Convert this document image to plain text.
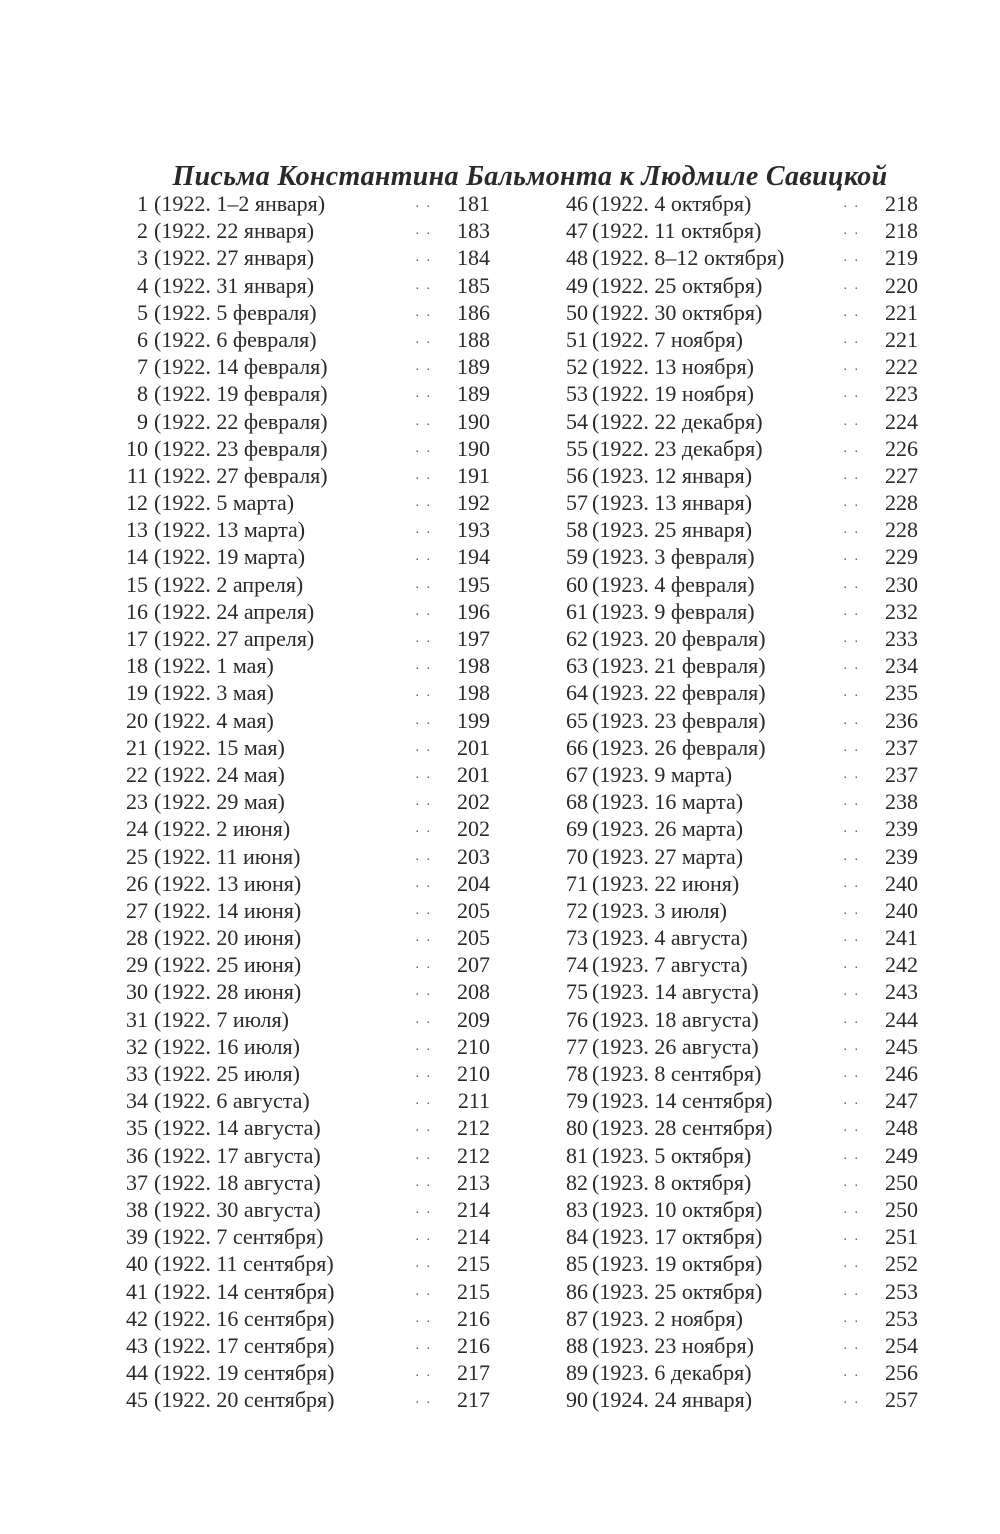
Письма Константина Бальмонта к Людмиле Савицкой
1 (1922. 1–2 января)	. . 181
2 (1922. 22 января)	. . 183
3 (1922. 27 января)	. . 184
4 (1922. 31 января)	. . 185
5 (1922. 5 февраля)	. . 186
6 (1922. 6 февраля)	. . 188
7 (1922. 14 февраля)	. . 189
8 (1922. 19 февраля)	. . 189
9 (1922. 22 февраля)	. . 190
10 (1922. 23 февраля)	. . 190
11 (1922. 27 февраля)	. . 191
12 (1922. 5 марта)	. . 192
13 (1922. 13 марта)	. . 193
14 (1922. 19 марта)	. . 194
15 (1922. 2 апреля)	. . 195
16 (1922. 24 апреля)	. . 196
17 (1922. 27 апреля)	. . 197
18 (1922. 1 мая)	. . 198
19 (1922. 3 мая)	. . 198
20 (1922. 4 мая)	. . 199
21 (1922. 15 мая)	. . 201
22 (1922. 24 мая)	. . 201
23 (1922. 29 мая)	. . 202
24 (1922. 2 июня)	. . 202
25 (1922. 11 июня)	. . 203
26 (1922. 13 июня)	. . 204
27 (1922. 14 июня)	. . 205
28 (1922. 20 июня)	. . 205
29 (1922. 25 июня)	. . 207
30 (1922. 28 июня)	. . 208
31 (1922. 7 июля)	. . 209
32 (1922. 16 июля)	. . 210
33 (1922. 25 июля)	. . 210
34 (1922. 6 августа)	. . 211
35 (1922. 14 августа)	. . 212
36 (1922. 17 августа)	. . 212
37 (1922. 18 августа)	. . 213
38 (1922. 30 августа)	. . 214
39 (1922. 7 сентября)	. . 214
40 (1922. 11 сентября)	. . 215
41 (1922. 14 сентября)	. . 215
42 (1922. 16 сентября)	. . 216
43 (1922. 17 сентября)	. . 216
44 (1922. 19 сентября)	. . 217
45 (1922. 20 сентября)	. . 217
46 (1922. 4 октября)	. . 218
47 (1922. 11 октября)	. . 218
48 (1922. 8–12 октября)	. . 219
49 (1922. 25 октября)	. . 220
50 (1922. 30 октября)	. . 221
51 (1922. 7 ноября)	. . 221
52 (1922. 13 ноября)	. . 222
53 (1922. 19 ноября)	. . 223
54 (1922. 22 декабря)	. . 224
55 (1922. 23 декабря)	. . 226
56 (1923. 12 января)	. . 227
57 (1923. 13 января)	. . 228
58 (1923. 25 января)	. . 228
59 (1923. 3 февраля)	. . 229
60 (1923. 4 февраля)	. . 230
61 (1923. 9 февраля)	. . 232
62 (1923. 20 февраля)	. . 233
63 (1923. 21 февраля)	. . 234
64 (1923. 22 февраля)	. . 235
65 (1923. 23 февраля)	. . 236
66 (1923. 26 февраля)	. . 237
67 (1923. 9 марта)	. . 237
68 (1923. 16 марта)	. . 238
69 (1923. 26 марта)	. . 239
70 (1923. 27 марта)	. . 239
71 (1923. 22 июня)	. . 240
72 (1923. 3 июля)	. . 240
73 (1923. 4 августа)	. . 241
74 (1923. 7 августа)	. . 242
75 (1923. 14 августа)	. . 243
76 (1923. 18 августа)	. . 244
77 (1923. 26 августа)	. . 245
78 (1923. 8 сентября)	. . 246
79 (1923. 14 сентября)	. . 247
80 (1923. 28 сентября)	. . 248
81 (1923. 5 октября)	. . 249
82 (1923. 8 октября)	. . 250
83 (1923. 10 октября)	. . 250
84 (1923. 17 октября)	. . 251
85 (1923. 19 октября)	. . 252
86 (1923. 25 октября)	. . 253
87 (1923. 2 ноября)	. . 253
88 (1923. 23 ноября)	. . 254
89 (1923. 6 декабря)	. . 256
90 (1924. 24 января)	. . 257
